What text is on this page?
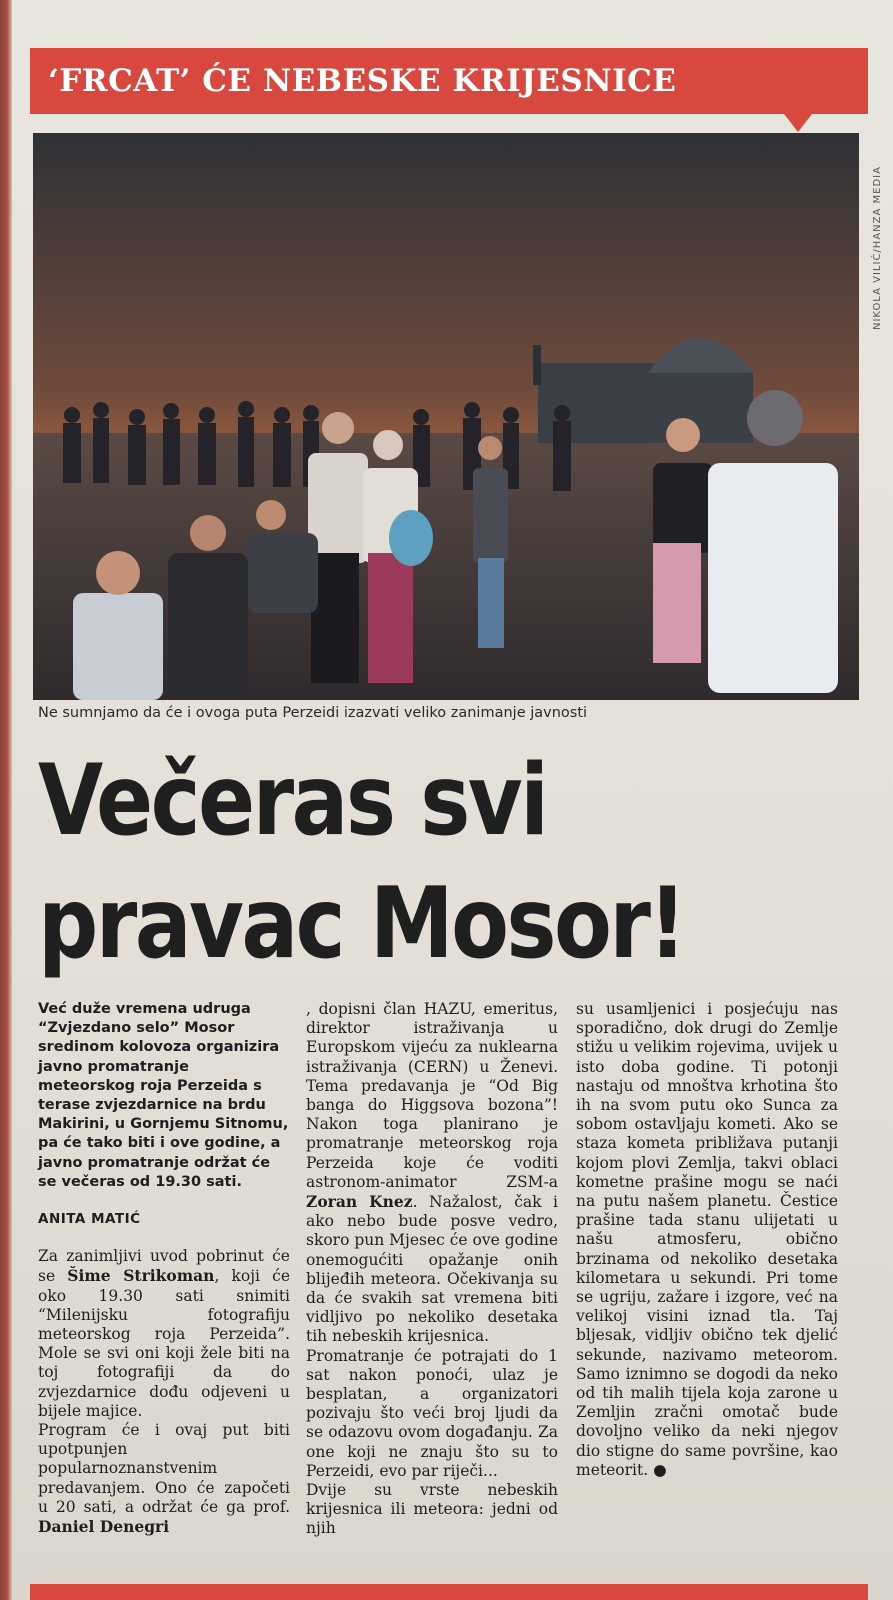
‘FRCAT’ ĆE NEBESKE KRIJESNICE
NIKOLA VILIĆ/HANZA MEDIA
Ne sumnjamo da će i ovoga puta Perzeidi izazvati veliko zanimanje javnosti
Večeras svi
pravac Mosor!

Već duže vremena udruga “Zvjezdano selo” Mosor sredinom kolovoza organizira javno promatranje meteorskog roja Perzeida s terase zvjezdarnice na brdu Makirini, u Gornjemu Sitnomu, pa će tako biti i ove godine, a javno promatranje održat će se večeras od 19.30 sati.

ANITA MATIĆ

Za zanimljivi uvod pobrinut će se Šime Strikoman, koji će oko 19.30 sati snimiti “Milenijsku fotografiju meteorskog roja Perzeida”. Mole se svi oni koji žele biti na toj fotografiji da do zvjezdarnice dođu odjeveni u bijele majice.

Program će i ovaj put biti upotpunjen popularnoznanstvenim predavanjem. Ono će započeti u 20 sati, a održat će ga prof. Daniel Denegri

, dopisni član HAZU, emeritus, direktor istraživanja u Europskom vijeću za nuklearna istraživanja (CERN) u Ženevi. Tema predavanja je “Od Big banga do Higgsova bozona”! Nakon toga planirano je promatranje meteorskog roja Perzeida koje će voditi astronom-animator ZSM-a Zoran Knez. Nažalost, čak i ako nebo bude posve vedro, skoro pun Mjesec će ove godine onemogućiti opažanje onih blijeđih meteora. Očekivanja su da će svakih sat vremena biti vidljivo po nekoliko desetaka tih nebeskih krijesnica.

Promatranje će potrajati do 1 sat nakon ponoći, ulaz je besplatan, a organizatori pozivaju što veći broj ljudi da se odazovu ovom događanju. Za one koji ne znaju što su to Perzeidi, evo par riječi...

Dvije su vrste nebeskih krijesnica ili meteora: jedni od njih

su usamljenici i posjećuju nas sporadično, dok drugi do Zemlje stižu u velikim rojevima, uvijek u isto doba godine. Ti potonji nastaju od mnoštva krhotina što ih na svom putu oko Sunca za sobom ostavljaju kometi. Ako se staza kometa približava putanji kojom plovi Zemlja, takvi oblaci kometne prašine mogu se naći na putu našem planetu. Čestice prašine tada stanu ulijetati u našu atmosferu, obično brzinama od nekoliko desetaka kilometara u sekundi. Pri tome se ugriju, zažare i izgore, već na velikoj visini iznad tla. Taj bljesak, vidljiv obično tek djelić sekunde, nazivamo meteorom. Samo iznimno se dogodi da neko od tih malih tijela koja zarone u Zemljin zračni omotač bude dovoljno veliko da neki njegov dio stigne do same površine, kao meteorit. ●
